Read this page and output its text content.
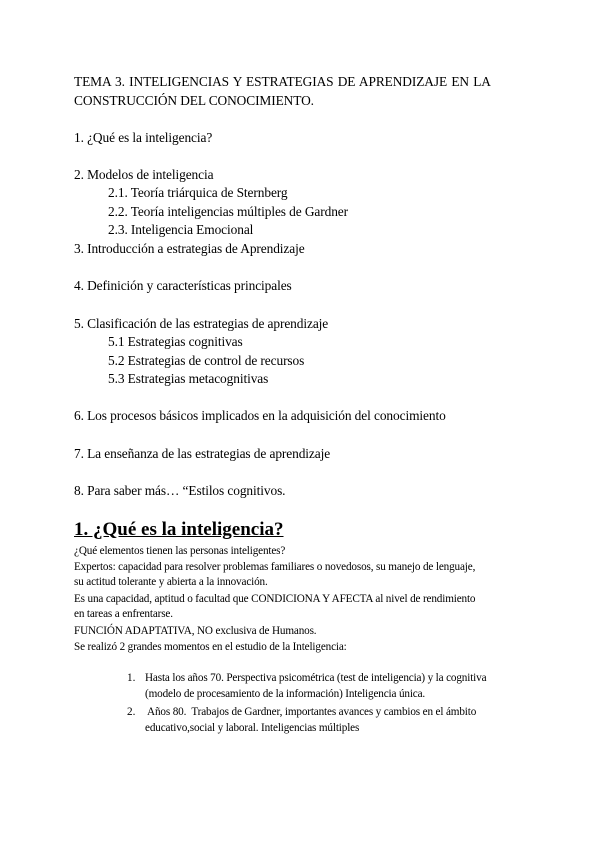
TEMA 3. INTELIGENCIAS Y ESTRATEGIAS DE APRENDIZAJE EN LA
CONSTRUCCIÓN DEL CONOCIMIENTO.
1. ¿Qué es la inteligencia?
2. Modelos de inteligencia
2.1. Teoría triárquica de Sternberg
2.2. Teoría inteligencias múltiples de Gardner
2.3. Inteligencia Emocional
3. Introducción a estrategias de Aprendizaje
4. Definición y características principales
5. Clasificación de las estrategias de aprendizaje
5.1 Estrategias cognitivas
5.2 Estrategias de control de recursos
5.3 Estrategias metacognitivas
6. Los procesos básicos implicados en la adquisición del conocimiento
7. La enseñanza de las estrategias de aprendizaje
8. Para saber más… “Estilos cognitivos.
1. ¿Qué es la inteligencia?
¿Qué elementos tienen las personas inteligentes?
Expertos: capacidad para resolver problemas familiares o novedosos, su manejo de lenguaje,
su actitud tolerante y abierta a la innovación.
Es una capacidad, aptitud o facultad que CONDICIONA Y AFECTA al nivel de rendimiento
en tareas a enfrentarse.
FUNCIÓN ADAPTATIVA, NO exclusiva de Humanos.
Se realizó 2 grandes momentos en el estudio de la Inteligencia:
1. Hasta los años 70. Perspectiva psicométrica (test de inteligencia) y la cognitiva
(modelo de procesamiento de la información) Inteligencia única.
2. Años 80.  Trabajos de Gardner, importantes avances y cambios en el ámbito
educativo,social y laboral. Inteligencias múltiples
